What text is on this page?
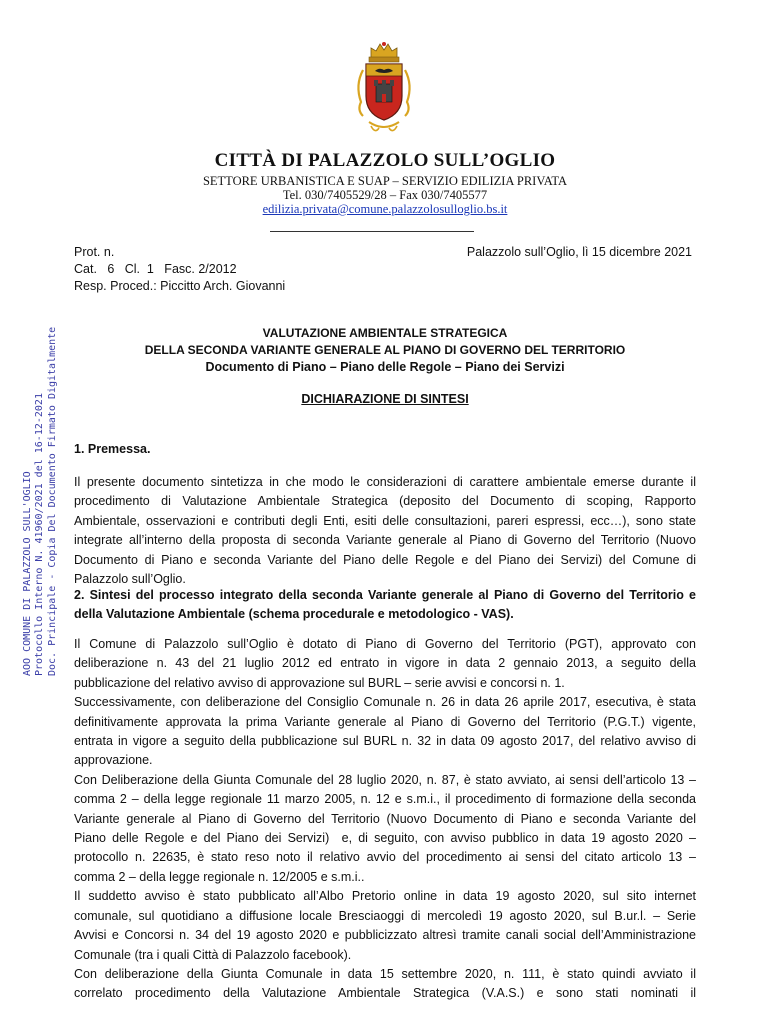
CITTÀ DI PALAZZOLO SULL’OGLIO
SETTORE URBANISTICA E SUAP – SERVIZIO EDILIZIA PRIVATA
Tel. 030/7405529/28 – Fax 030/7405577
edilizia.privata@comune.palazzolosulloglio.bs.it
Prot. n.
Cat.   6   Cl.  1   Fasc. 2/2012
Resp. Proced.: Piccitto Arch. Giovanni
Palazzolo sull’Oglio, lì 15 dicembre 2021
VALUTAZIONE AMBIENTALE STRATEGICA
DELLA SECONDA VARIANTE GENERALE AL PIANO DI GOVERNO DEL TERRITORIO
Documento di Piano – Piano delle Regole – Piano dei Servizi
DICHIARAZIONE DI SINTESI
1. Premessa.
Il presente documento sintetizza in che modo le considerazioni di carattere ambientale emerse durante il
procedimento di Valutazione Ambientale Strategica (deposito del Documento di scoping, Rapporto
Ambientale, osservazioni e contributi degli Enti, esiti delle consultazioni, pareri espressi, ecc…), sono state
integrate all’interno della proposta di seconda Variante generale al Piano di Governo del Territorio (Nuovo
Documento di Piano e seconda Variante del Piano delle Regole e del Piano dei Servizi) del Comune di
Palazzolo sull’Oglio.
2. Sintesi del processo integrato della seconda Variante generale al Piano di Governo del Territorio e
della Valutazione Ambientale (schema procedurale e metodologico - VAS).
Il Comune di Palazzolo sull’Oglio è dotato di Piano di Governo del Territorio (PGT), approvato con
deliberazione n. 43 del 21 luglio 2012 ed entrato in vigore in data 2 gennaio 2013, a seguito della
pubblicazione del relativo avviso di approvazione sul BURL – serie avvisi e concorsi n. 1.
Successivamente, con deliberazione del Consiglio Comunale n. 26 in data 26 aprile 2017, esecutiva, è stata
definitivamente approvata la prima Variante generale al Piano di Governo del Territorio (P.G.T.) vigente,
entrata in vigore a seguito della pubblicazione sul BURL n. 32 in data 09 agosto 2017, del relativo avviso di
approvazione.
Con Deliberazione della Giunta Comunale del 28 luglio 2020, n. 87, è stato avviato, ai sensi dell’articolo 13 –
comma 2 – della legge regionale 11 marzo 2005, n. 12 e s.m.i., il procedimento di formazione della seconda
Variante generale al Piano di Governo del Territorio (Nuovo Documento di Piano e seconda Variante del
Piano delle Regole e del Piano dei Servizi)  e, di seguito, con avviso pubblico in data 19 agosto 2020 –
protocollo n. 22635, è stato reso noto il relativo avvio del procedimento ai sensi del citato articolo 13 –
comma 2 – della legge regionale n. 12/2005 e s.m.i..
Il suddetto avviso è stato pubblicato all’Albo Pretorio online in data 19 agosto 2020, sul sito internet
comunale, sul quotidiano a diffusione locale Bresciaoggi di mercoledì 19 agosto 2020, sul B.ur.l. – Serie
Avvisi e Concorsi n. 34 del 19 agosto 2020 e pubblicizzato altresì tramite canali social dell’Amministrazione
Comunale (tra i quali Città di Palazzolo facebook).
Con deliberazione della Giunta Comunale in data 15 settembre 2020, n. 111, è stato quindi avviato il
correlato procedimento della Valutazione Ambientale Strategica (V.A.S.) e sono stati nominati il
AOO COMUNE DI PALAZZOLO SULL'OGLIO Protocollo Interno N. 41960/2021 del 16-12-2021 Doc. Principale - Copia Del Documento Firmato Digitalmente
